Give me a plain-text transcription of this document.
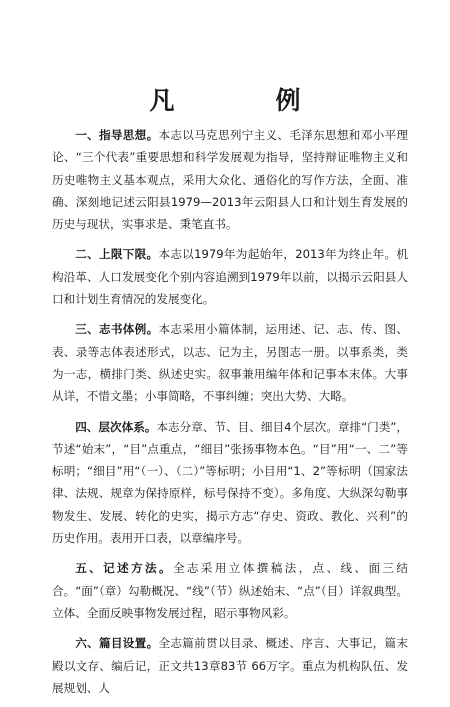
凡　例

一、指导思想。本志以马克思列宁主义、毛泽东思想和邓小平理论、“三个代表”重要思想和科学发展观为指导，坚持辩证唯物主义和历史唯物主义基本观点，采用大众化、通俗化的写作方法，全面、准确、深刻地记述云阳县1979—2013年云阳县人口和计划生育发展的历史与现状，实事求是、秉笔直书。

二、上限下限。本志以1979年为起始年，2013年为终止年。机构沿革、人口发展变化个别内容追溯到1979年以前，以揭示云阳县人口和计划生育情况的发展变化。

三、志书体例。本志采用小篇体制，运用述、记、志、传、图、表、录等志体表述形式，以志、记为主，另图志一册。以事系类，类为一志，横排门类、纵述史实。叙事兼用编年体和记事本末体。大事从详，不惜文墨；小事简略，不事纠缠；突出大势、大略。

四、层次体系。本志分章、节、目、细目4个层次。章排“门类”，节述“始末”，“目”点重点，“细目”张扬事物本色。“目”用“一、二”等标明；“细目”用“（一）、（二）”等标明；小目用“1、2”等标明（国家法律、法规、规章为保持原样，标号保持不变）。多角度、大纵深勾勒事物发生、发展、转化的史实，揭示方志“存史、资政、教化、兴利”的历史作用。表用开口表，以章编序号。

五、记述方法。全志采用立体撰稿法，点、线、面三结合。“面”（章）勾勒概况、“线”（节）纵述始末、“点”（目）详叙典型。立体、全面反映事物发展过程，昭示事物风彩。

六、篇目设置。全志篇前贯以目录、概述、序言、大事记，篇末殿以文存、编后记，正文共13章83节 66万字。重点为机构队伍、发展规划、人
